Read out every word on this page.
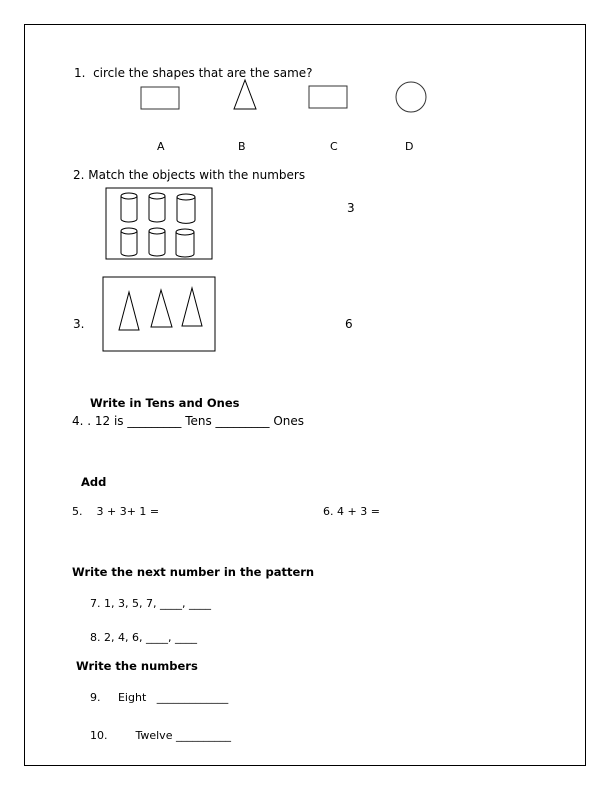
1.  circle the shapes that are the same?
A	B	C	D
2. Match the objects with the numbers
3
3.	6
Write in Tens and Ones
4. . 12 is _________ Tens _________ Ones
Add
5.    3 + 3+ 1 =	6. 4 + 3 =
Write the next number in the pattern
7. 1, 3, 5, 7, ____, ____
8. 2, 4, 6, ____, ____
Write the numbers
9.     Eight   _____________
10.        Twelve __________
